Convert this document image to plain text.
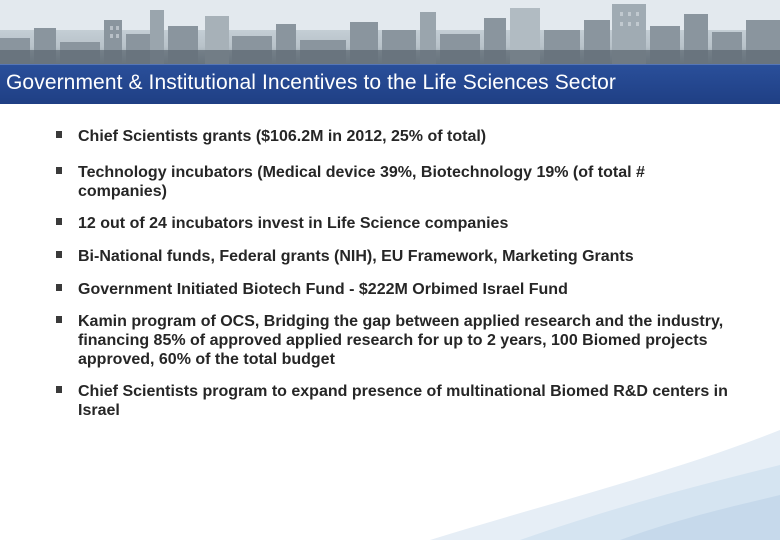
Government & Institutional Incentives to the Life Sciences Sector
Chief Scientists grants ($106.2M in 2012, 25% of total)
Technology incubators (Medical device 39%, Biotechnology 19% (of total # companies)
12 out of 24 incubators invest in Life Science companies
Bi-National funds, Federal grants (NIH), EU Framework, Marketing Grants
Government Initiated Biotech Fund - $222M Orbimed Israel Fund
Kamin program of OCS, Bridging the gap between applied research and the industry, financing 85% of approved applied research for up to 2 years, 100 Biomed projects approved, 60% of the total budget
Chief Scientists program to expand presence of multinational Biomed R&D centers in Israel
